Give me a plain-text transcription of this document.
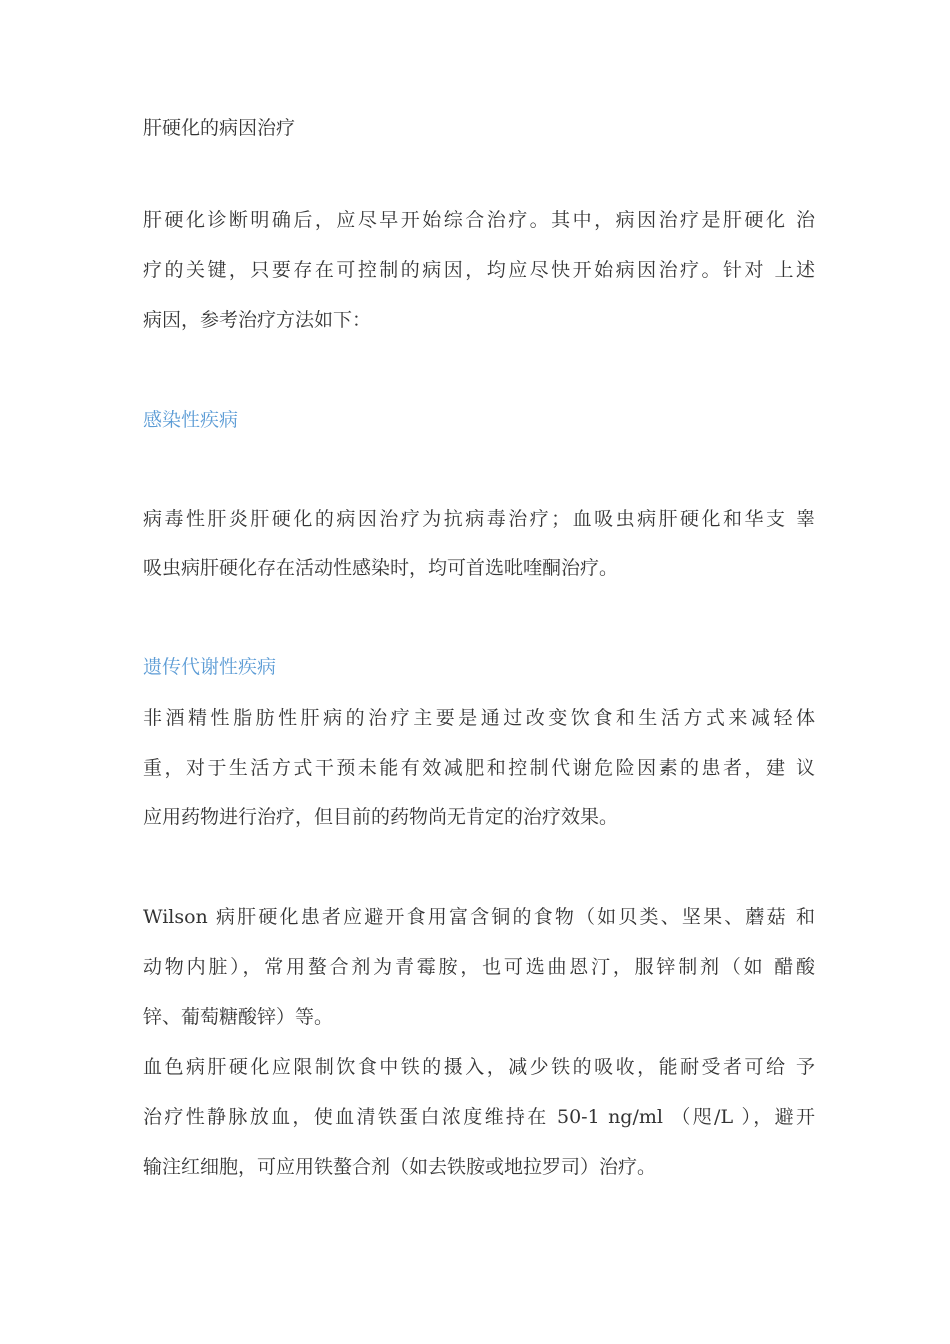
肝硬化的病因治疗
肝硬化诊断明确后，应尽早开始综合治疗。其中，病因治疗是肝硬化 治
疗的关键，只要存在可控制的病因，均应尽快开始病因治疗。针对 上述
病因，参考治疗方法如下：
感染性疾病
病毒性肝炎肝硬化的病因治疗为抗病毒治疗；血吸虫病肝硬化和华支 睾
吸虫病肝硬化存在活动性感染时，均可首选吡喹酮治疗。
遗传代谢性疾病
非酒精性脂肪性肝病的治疗主要是通过改变饮食和生活方式来减轻体
重，对于生活方式干预未能有效减肥和控制代谢危险因素的患者，建 议
应用药物进行治疗，但目前的药物尚无肯定的治疗效果。
Wilson 病肝硬化患者应避开食用富含铜的食物（如贝类、坚果、蘑菇 和
动物内脏），常用螯合剂为青霉胺，也可选曲恩汀，服锌制剂（如 醋酸
锌、葡萄糖酸锌）等。
血色病肝硬化应限制饮食中铁的摄入，减少铁的吸收，能耐受者可给 予
治疗性静脉放血，使血清铁蛋白浓度维持在 50-1 ng/ml （咫/L ），避开
输注红细胞，可应用铁螯合剂（如去铁胺或地拉罗司）治疗。
